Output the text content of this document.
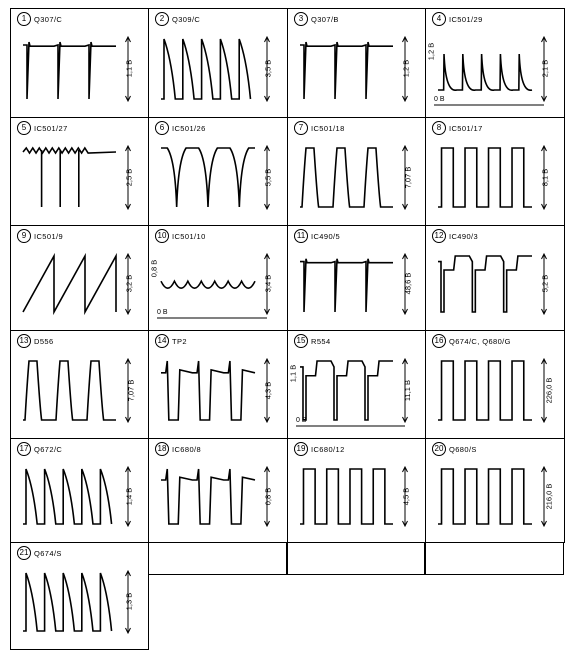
1	Q307/C
1,1 В
2	Q309/C
3,5 В
3	Q307/B
1,2 В
4	IC501/29
2,1 В
1,2 В
0 В
5	IC501/27
2,5 В
6	IC501/26
5,5 В
7	IC501/18
7,07 В
8	IC501/17
8,1 В
9	IC501/9
3,2 В
10 IC501/10
3,4 В
0,8 В
0 В
11 IC490/5
48,6 В
12 IC490/3
5,2 В
13 D556
7,07 В
14 TP2
4,3 В
15 R554
11,1 В
1,1 В
0 В
16 Q674/C, Q680/G
226,0 В
17 Q672/C
1,4 В
18 IC680/8
0,8 В
19 IC680/12
4,5 В
20 Q680/S
216,0 В
21 Q674/S
1,3 В
